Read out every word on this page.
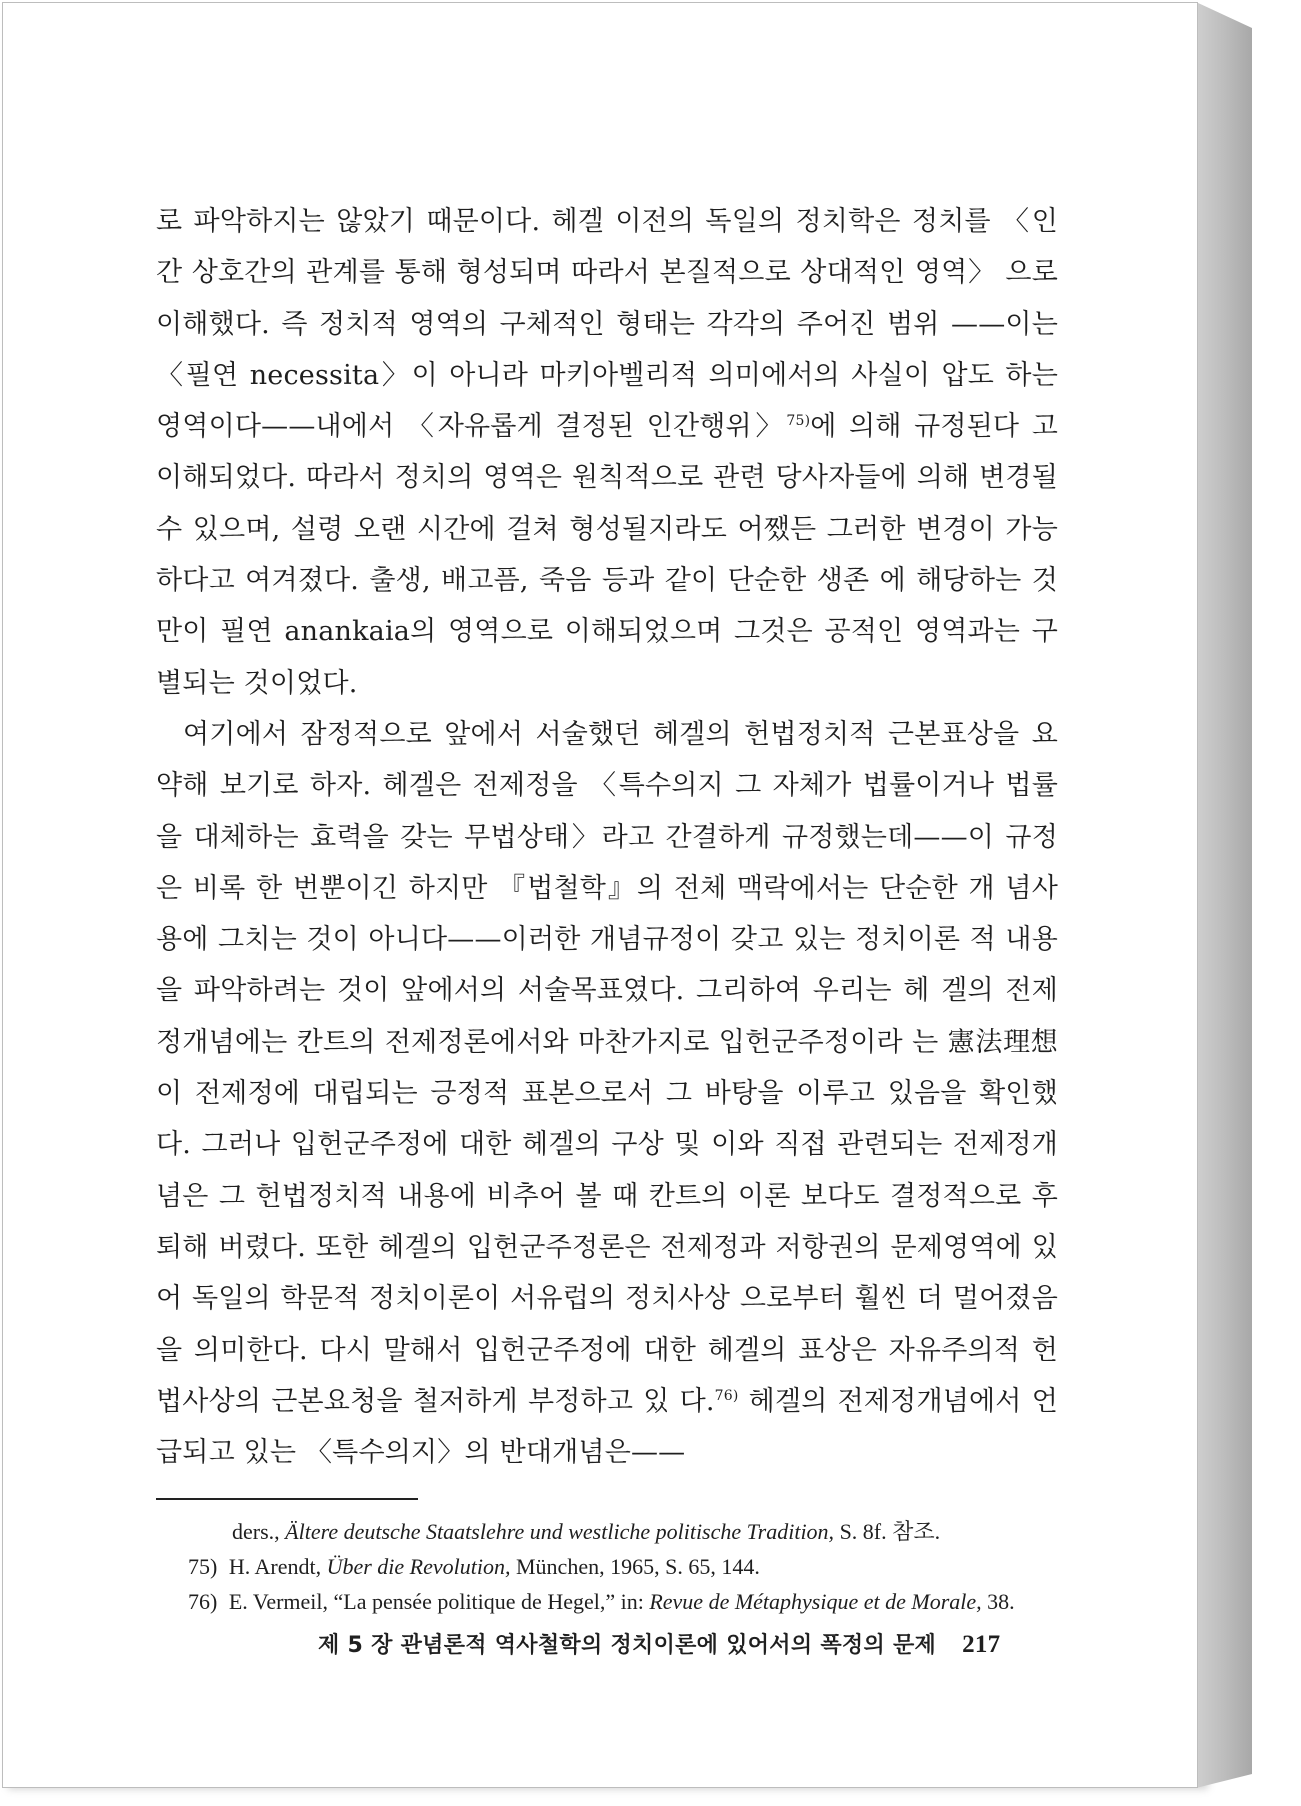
로 파악하지는 않았기 때문이다. 헤겔 이전의 독일의 정치학은 정치를 〈인간 상호간의 관계를 통해 형성되며 따라서 본질적으로 상대적인 영역〉 으로 이해했다. 즉 정치적 영역의 구체적인 형태는 각각의 주어진 범위 ——이는 〈필연 necessita〉이 아니라 마키아벨리적 의미에서의 사실이 압도 하는 영역이다——내에서 〈자유롭게 결정된 인간행위〉$^{75)}$에 의해 규정된다 고 이해되었다. 따라서 정치의 영역은 원칙적으로 관련 당사자들에 의해 변경될 수 있으며, 설령 오랜 시간에 걸쳐 형성될지라도 어쨌든 그러한 변경이 가능하다고 여겨졌다. 출생, 배고픔, 죽음 등과 같이 단순한 생존 에 해당하는 것만이 필연 anankaia의 영역으로 이해되었으며 그것은 공적인 영역과는 구별되는 것이었다.

여기에서 잠정적으로 앞에서 서술했던 헤겔의 헌법정치적 근본표상을 요약해 보기로 하자. 헤겔은 전제정을 〈특수의지 그 자체가 법률이거나 법률을 대체하는 효력을 갖는 무법상태〉라고 간결하게 규정했는데——이 규정은 비록 한 번뿐이긴 하지만 『법철학』의 전체 맥락에서는 단순한 개 념사용에 그치는 것이 아니다——이러한 개념규정이 갖고 있는 정치이론 적 내용을 파악하려는 것이 앞에서의 서술목표였다. 그리하여 우리는 헤 겔의 전제정개념에는 칸트의 전제정론에서와 마찬가지로 입헌군주정이라 는 憲法理想이 전제정에 대립되는 긍정적 표본으로서 그 바탕을 이루고 있음을 확인했다. 그러나 입헌군주정에 대한 헤겔의 구상 및 이와 직접 관련되는 전제정개념은 그 헌법정치적 내용에 비추어 볼 때 칸트의 이론 보다도 결정적으로 후퇴해 버렸다. 또한 헤겔의 입헌군주정론은 전제정과 저항권의 문제영역에 있어 독일의 학문적 정치이론이 서유럽의 정치사상 으로부터 훨씬 더 멀어졌음을 의미한다. 다시 말해서 입헌군주정에 대한 헤겔의 표상은 자유주의적 헌법사상의 근본요청을 철저하게 부정하고 있 다.$^{76)}$ 헤겔의 전제정개념에서 언급되고 있는 〈특수의지〉의 반대개념은——

ders., Ältere deutsche Staatslehre und westliche politische Tradition, S. 8f. 참조.
75) H. Arendt, Über die Revolution, München, 1965, S. 65, 144.
76) E. Vermeil, “La pensée politique de Hegel,” in: Revue de Métaphysique et de Morale, 38.
제 5 장 관념론적 역사철학의 정치이론에 있어서의 폭정의 문제 217
